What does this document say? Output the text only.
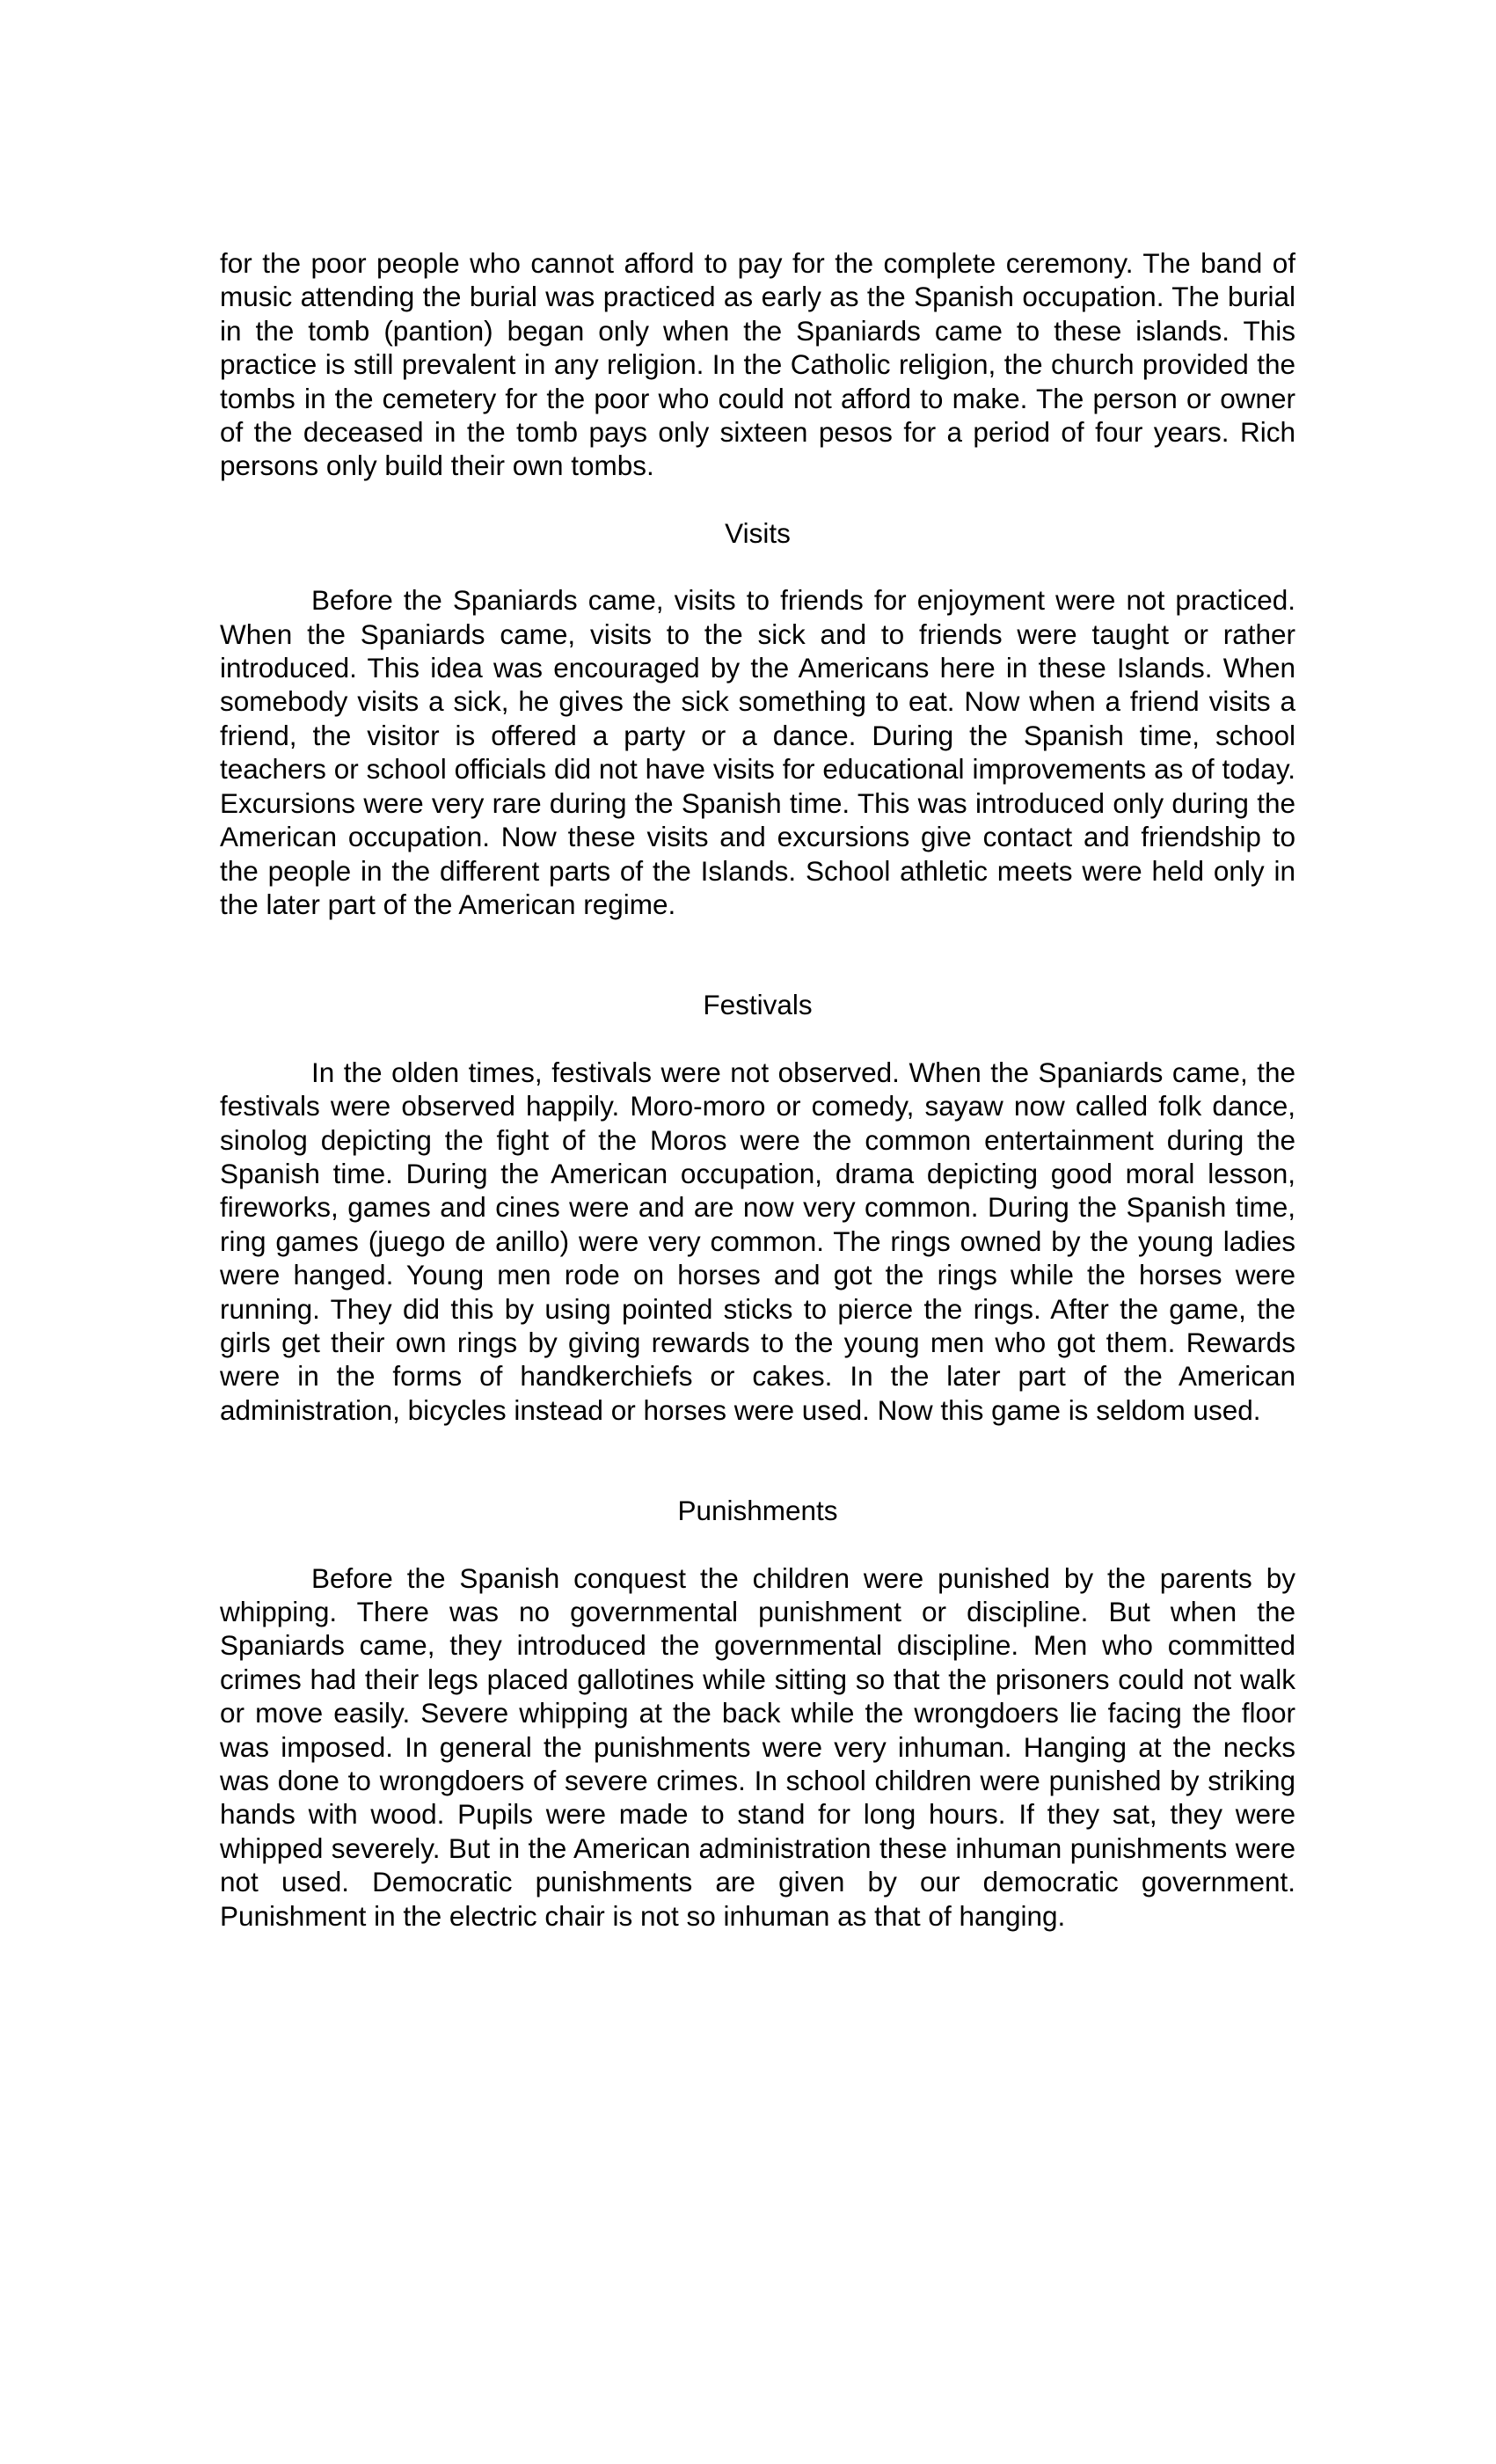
for the poor people who cannot afford to pay for the complete ceremony. The band of music attending the burial was practiced as early as the Spanish occupation. The burial in the tomb (pantion) began only when the Spaniards came to these islands. This practice is still prevalent in any religion. In the Catholic religion, the church provided the tombs in the cemetery for the poor who could not afford to make. The person or owner of the deceased in the tomb pays only sixteen pesos for a period of four years. Rich persons only build their own tombs.

Visits

Before the Spaniards came, visits to friends for enjoyment were not practiced. When the Spaniards came, visits to the sick and to friends were taught or rather introduced. This idea was encouraged by the Americans here in these Islands. When somebody visits a sick, he gives the sick something to eat. Now when a friend visits a friend, the visitor is offered a party or a dance. During the Spanish time, school teachers or school officials did not have visits for educational improvements as of today. Excursions were very rare during the Spanish time. This was introduced only during the American occupation. Now these visits and excursions give contact and friendship to the people in the different parts of the Islands. School athletic meets were held only in the later part of the American regime.

Festivals

In the olden times, festivals were not observed. When the Spaniards came, the festivals were observed happily. Moro-moro or comedy, sayaw now called folk dance, sinolog depicting the fight of the Moros were the common entertainment during the Spanish time. During the American occupation, drama depicting good moral lesson, fireworks, games and cines were and are now very common. During the Spanish time, ring games (juego de anillo) were very common. The rings owned by the young ladies were hanged. Young men rode on horses and got the rings while the horses were running. They did this by using pointed sticks to pierce the rings. After the game, the girls get their own rings by giving rewards to the young men who got them. Rewards were in the forms of handkerchiefs or cakes. In the later part of the American administration, bicycles instead or horses were used. Now this game is seldom used.

Punishments

Before the Spanish conquest the children were punished by the parents by whipping. There was no governmental punishment or discipline. But when the Spaniards came, they introduced the governmental discipline. Men who committed crimes had their legs placed gallotines while sitting so that the prisoners could not walk or move easily. Severe whipping at the back while the wrongdoers lie facing the floor was imposed. In general the punishments were very inhuman. Hanging at the necks was done to wrongdoers of severe crimes. In school children were punished by striking hands with wood. Pupils were made to stand for long hours. If they sat, they were whipped severely. But in the American administration these inhuman punishments were not used. Democratic punishments are given by our democratic government. Punishment in the electric chair is not so inhuman as that of hanging.
